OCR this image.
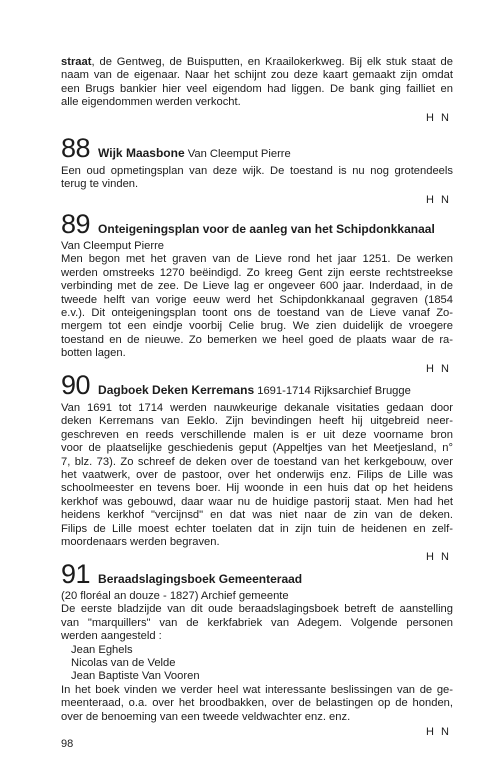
straat, de Gentweg, de Buisputten, en Kraailokerkweg. Bij elk stuk staat de
naam van de eigenaar. Naar het schijnt zou deze kaart gemaakt zijn omdat
een Brugs bankier hier veel eigendom had liggen. De bank ging failliet en
alle eigendommen werden verkocht.
H N
88 Wijk Maasbone Van Cleemput Pierre
Een oud opmetingsplan van deze wijk. De toestand is nu nog grotendeels
terug te vinden.
H N
89 Onteigeningsplan voor de aanleg van het Schipdonkkanaal
Van Cleemput Pierre
Men begon met het graven van de Lieve rond het jaar 1251. De werken
werden omstreeks 1270 beëindigd. Zo kreeg Gent zijn eerste rechtstreekse
verbinding met de zee. De Lieve lag er ongeveer 600 jaar. Inderdaad, in de
tweede helft van vorige eeuw werd het Schipdonkkanaal gegraven (1854
e.v.). Dit onteigeningsplan toont ons de toestand van de Lieve vanaf Zo-
mergem tot een eindje voorbij Celie brug. We zien duidelijk de vroegere
toestand en de nieuwe. Zo bemerken we heel goed de plaats waar de ra-
botten lagen.
H N
90 Dagboek Deken Kerremans 1691-1714 Rijksarchief Brugge
Van 1691 tot 1714 werden nauwkeurige dekanale visitaties gedaan door
deken Kerremans van Eeklo. Zijn bevindingen heeft hij uitgebreid neer-
geschreven en reeds verschillende malen is er uit deze voorname bron
voor de plaatselijke geschiedenis geput (Appeltjes van het Meetjesland, n°
7, blz. 73). Zo schreef de deken over de toestand van het kerkgebouw, over
het vaatwerk, over de pastoor, over het onderwijs enz. Filips de Lille was
schoolmeester en tevens boer. Hij woonde in een huis dat op het heidens
kerkhof was gebouwd, daar waar nu de huidige pastorij staat. Men had het
heidens kerkhof "vercijnsd" en dat was niet naar de zin van de deken.
Filips de Lille moest echter toelaten dat in zijn tuin de heidenen en zelf-
moordenaars werden begraven.
H N
91 Beraadslagingsboek Gemeenteraad
(20 floréal an douze - 1827) Archief gemeente
De eerste bladzijde van dit oude beraadslagingsboek betreft de aanstelling
van "marquillers" van de kerkfabriek van Adegem. Volgende personen
werden aangesteld :
Jean Eghels
Nicolas van de Velde
Jean Baptiste Van Vooren
In het boek vinden we verder heel wat interessante beslissingen van de ge-
meenteraad, o.a. over het broodbakken, over de belastingen op de honden,
over de benoeming van een tweede veldwachter enz. enz.
H N
98
